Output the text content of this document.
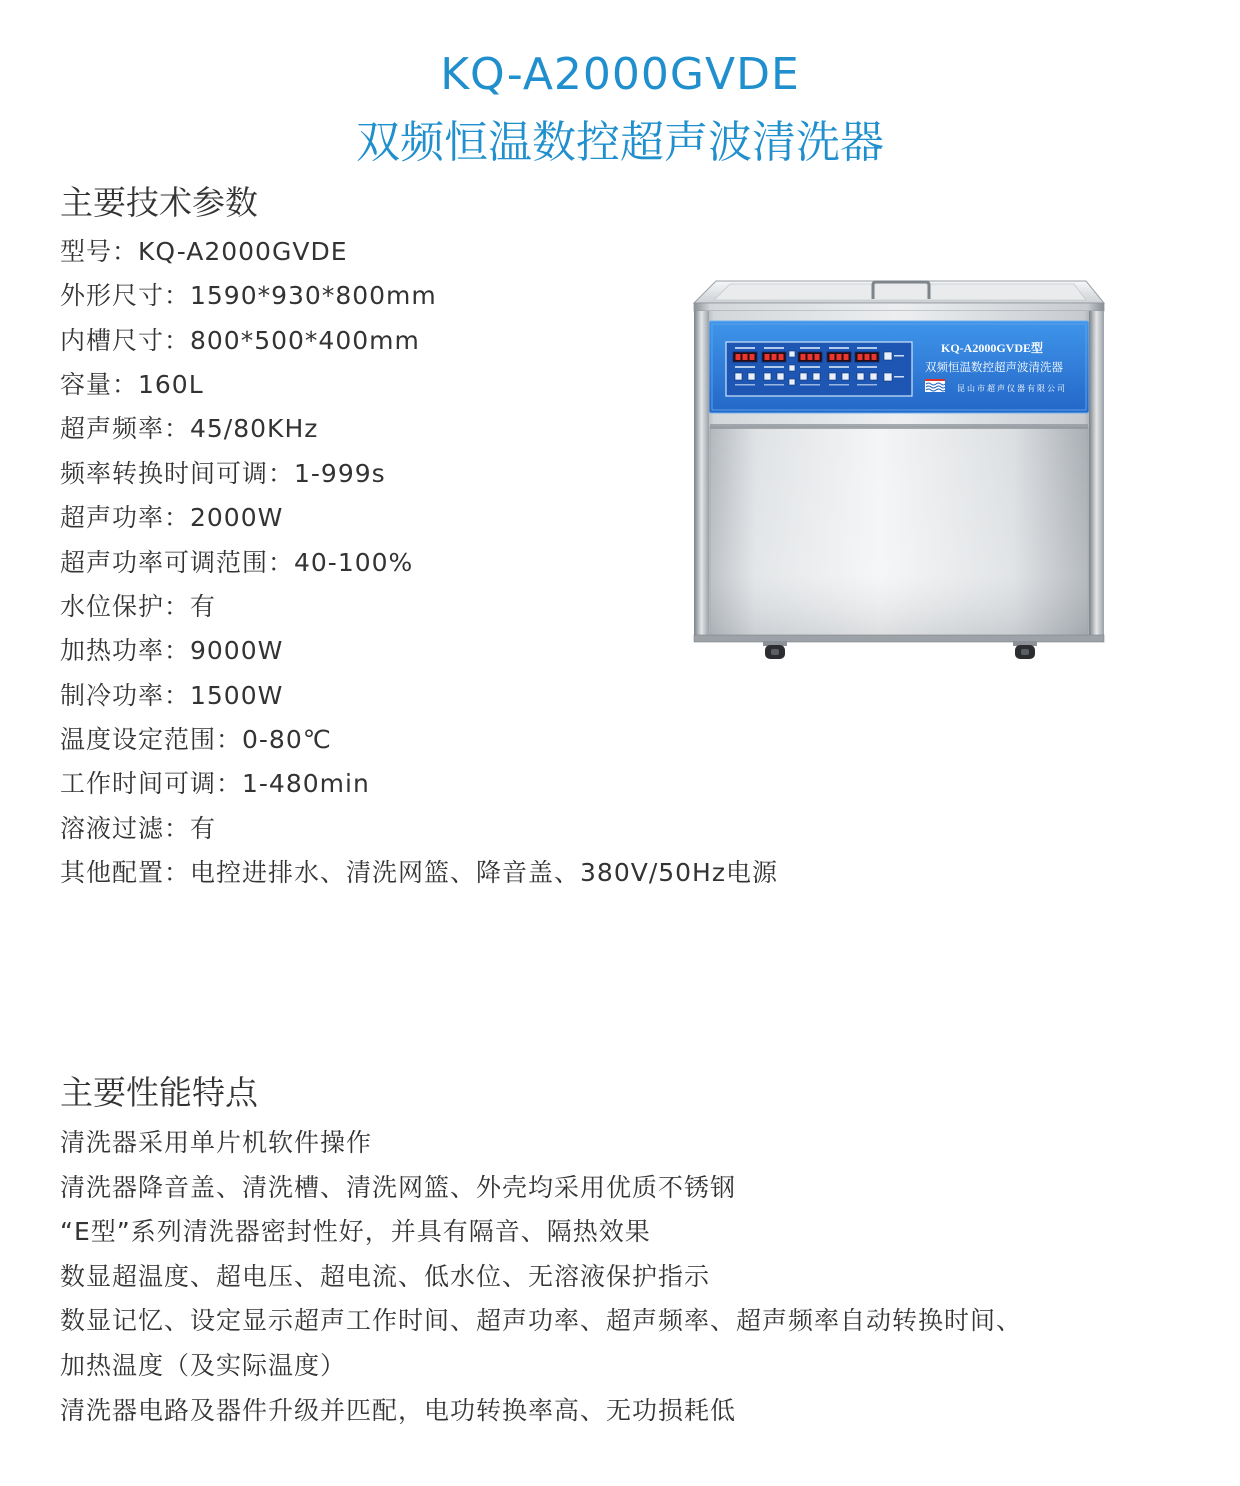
KQ-A2000GVDE
双频恒温数控超声波清洗器
主要技术参数
型号：KQ-A2000GVDE
外形尺寸：1590*930*800mm
内槽尺寸：800*500*400mm
容量：160L
超声频率：45/80KHz
频率转换时间可调：1-999s
超声功率：2000W
超声功率可调范围：40-100%
水位保护：有
加热功率：9000W
制冷功率：1500W
温度设定范围：0-80℃
工作时间可调：1-480min
溶液过滤：有
其他配置：电控进排水、清洗网篮、降音盖、380V/50Hz电源
KQ-A2000GVDE型
双频恒温数控超声波清洗器
昆山市超声仪器有限公司
主要性能特点
清洗器采用单片机软件操作
清洗器降音盖、清洗槽、清洗网篮、外壳均采用优质不锈钢
“E型”系列清洗器密封性好，并具有隔音、隔热效果
数显超温度、超电压、超电流、低水位、无溶液保护指示
数显记忆、设定显示超声工作时间、超声功率、超声频率、超声频率自动转换时间、
加热温度（及实际温度）
清洗器电路及器件升级并匹配，电功转换率高、无功损耗低
